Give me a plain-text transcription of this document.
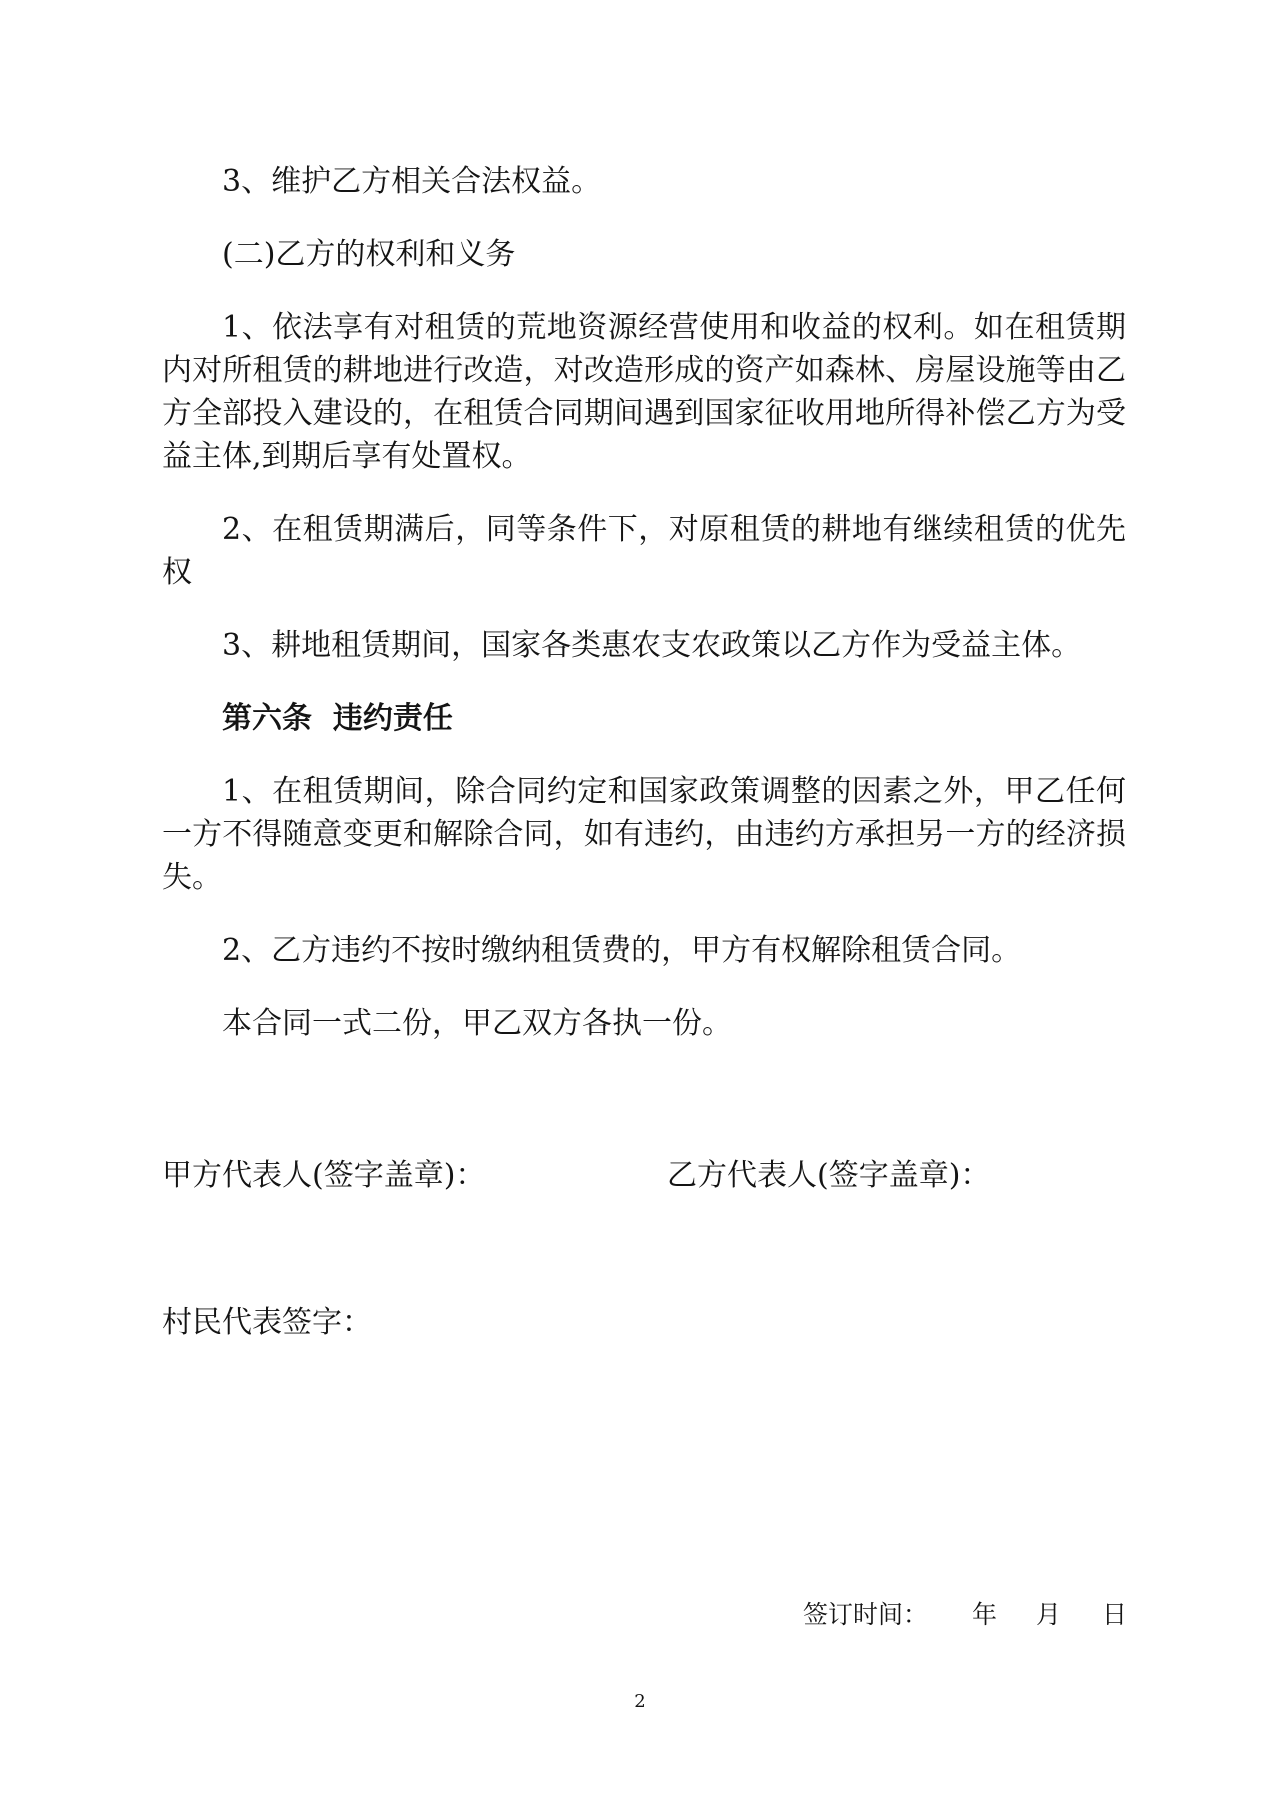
3、维护乙方相关合法权益。
(二)乙方的权利和义务
1、依法享有对租赁的荒地资源经营使用和收益的权利。如在租赁期
内对所租赁的耕地进行改造，对改造形成的资产如森林、房屋设施等由乙
方全部投入建设的，在租赁合同期间遇到国家征收用地所得补偿乙方为受
益主体,到期后享有处置权。
2、在租赁期满后，同等条件下，对原租赁的耕地有继续租赁的优先
权
3、耕地租赁期间，国家各类惠农支农政策以乙方作为受益主体。
第六条  违约责任
1、在租赁期间，除合同约定和国家政策调整的因素之外，甲乙任何
一方不得随意变更和解除合同，如有违约，由违约方承担另一方的经济损
失。
2、乙方违约不按时缴纳租赁费的，甲方有权解除租赁合同。
本合同一式二份，甲乙双方各执一份。
甲方代表人(签字盖章)：	乙方代表人(签字盖章)：
村民代表签字：
签订时间： 年 月 日
2
